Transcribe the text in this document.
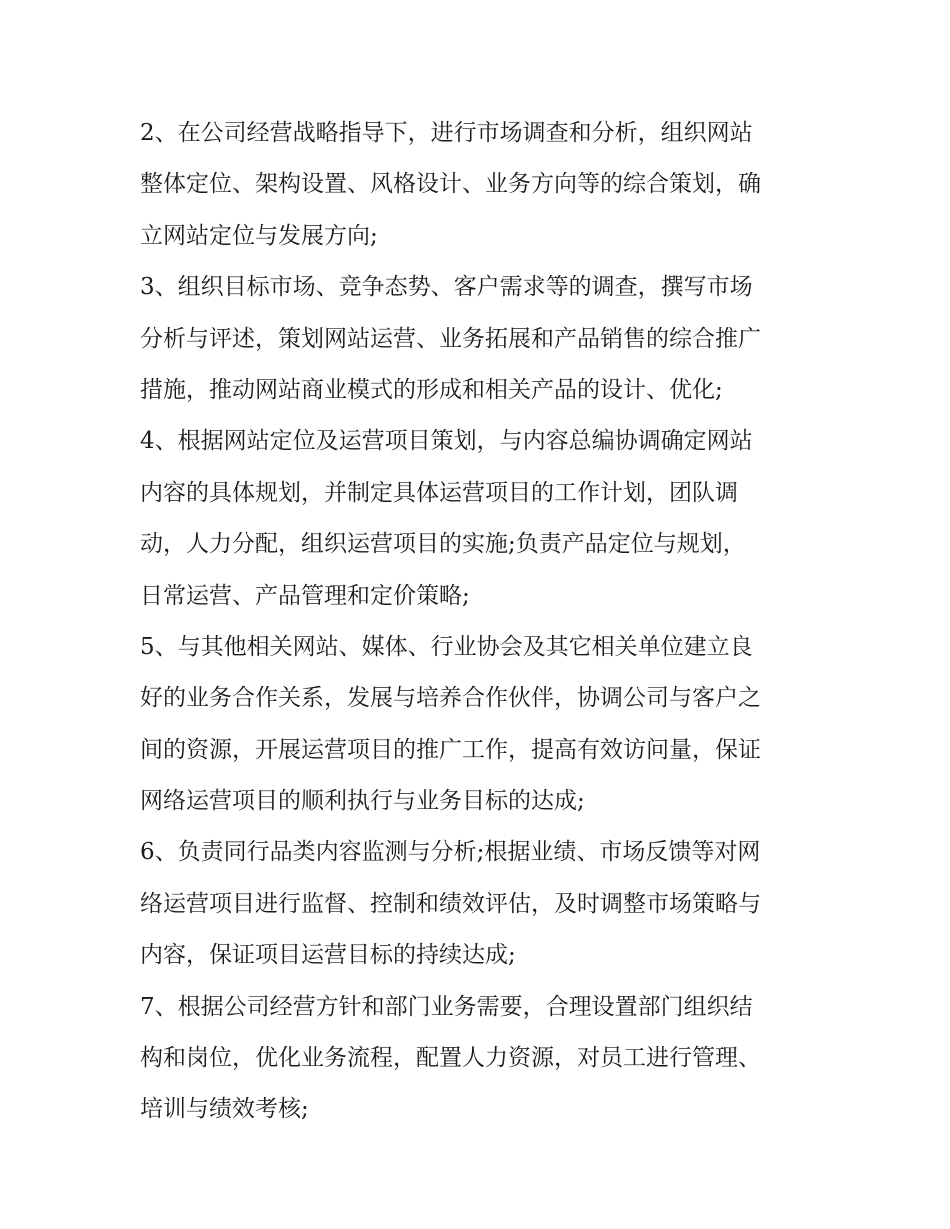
2、在公司经营战略指导下，进行市场调查和分析，组织网站
整体定位、架构设置、风格设计、业务方向等的综合策划，确
立网站定位与发展方向;
3、组织目标市场、竞争态势、客户需求等的调查，撰写市场
分析与评述，策划网站运营、业务拓展和产品销售的综合推广
措施，推动网站商业模式的形成和相关产品的设计、优化;
4、根据网站定位及运营项目策划，与内容总编协调确定网站
内容的具体规划，并制定具体运营项目的工作计划，团队调
动，人力分配，组织运营项目的实施;负责产品定位与规划，
日常运营、产品管理和定价策略;
5、与其他相关网站、媒体、行业协会及其它相关单位建立良
好的业务合作关系，发展与培养合作伙伴，协调公司与客户之
间的资源，开展运营项目的推广工作，提高有效访问量，保证
网络运营项目的顺利执行与业务目标的达成;
6、负责同行品类内容监测与分析;根据业绩、市场反馈等对网
络运营项目进行监督、控制和绩效评估，及时调整市场策略与
内容，保证项目运营目标的持续达成;
7、根据公司经营方针和部门业务需要，合理设置部门组织结
构和岗位，优化业务流程，配置人力资源，对员工进行管理、
培训与绩效考核;
